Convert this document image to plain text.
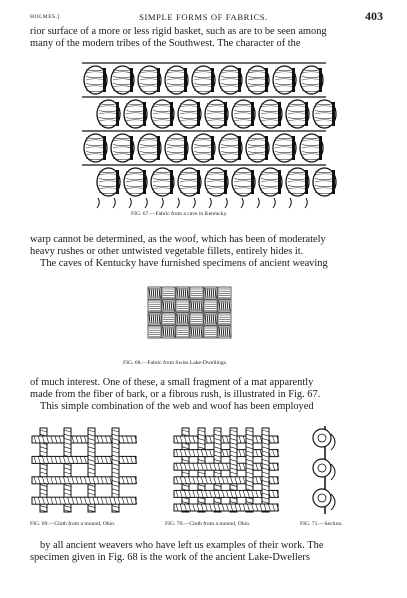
HOLMES.]	SIMPLE FORMS OF FABRICS.	403
rior surface of a more or less rigid basket, such as are to be seen among
many of the modern tribes of the Southwest. The character of the
FIG. 67.—Fabric from a cave in Kentucky.
warp cannot be determined, as the woof, which has been of moderately
heavy rushes or other untwisted vegetable fillets, entirely hides it.
The caves of Kentucky have furnished specimens of ancient weaving
FIG. 68.—Fabric from Swiss Lake-Dwellings.
of much interest. One of these, a small fragment of a mat apparently
made from the fiber of bark, or a fibrous rush, is illustrated in Fig. 67.
This simple combination of the web and woof has been employed
FIG. 69.—Cloth from a mound, Ohio.	FIG. 70.—Cloth from a mound, Ohio.	FIG. 71.—Section.
by all ancient weavers who have left us examples of their work. The
specimen given in Fig. 68 is the work of the ancient Lake-Dwellers
